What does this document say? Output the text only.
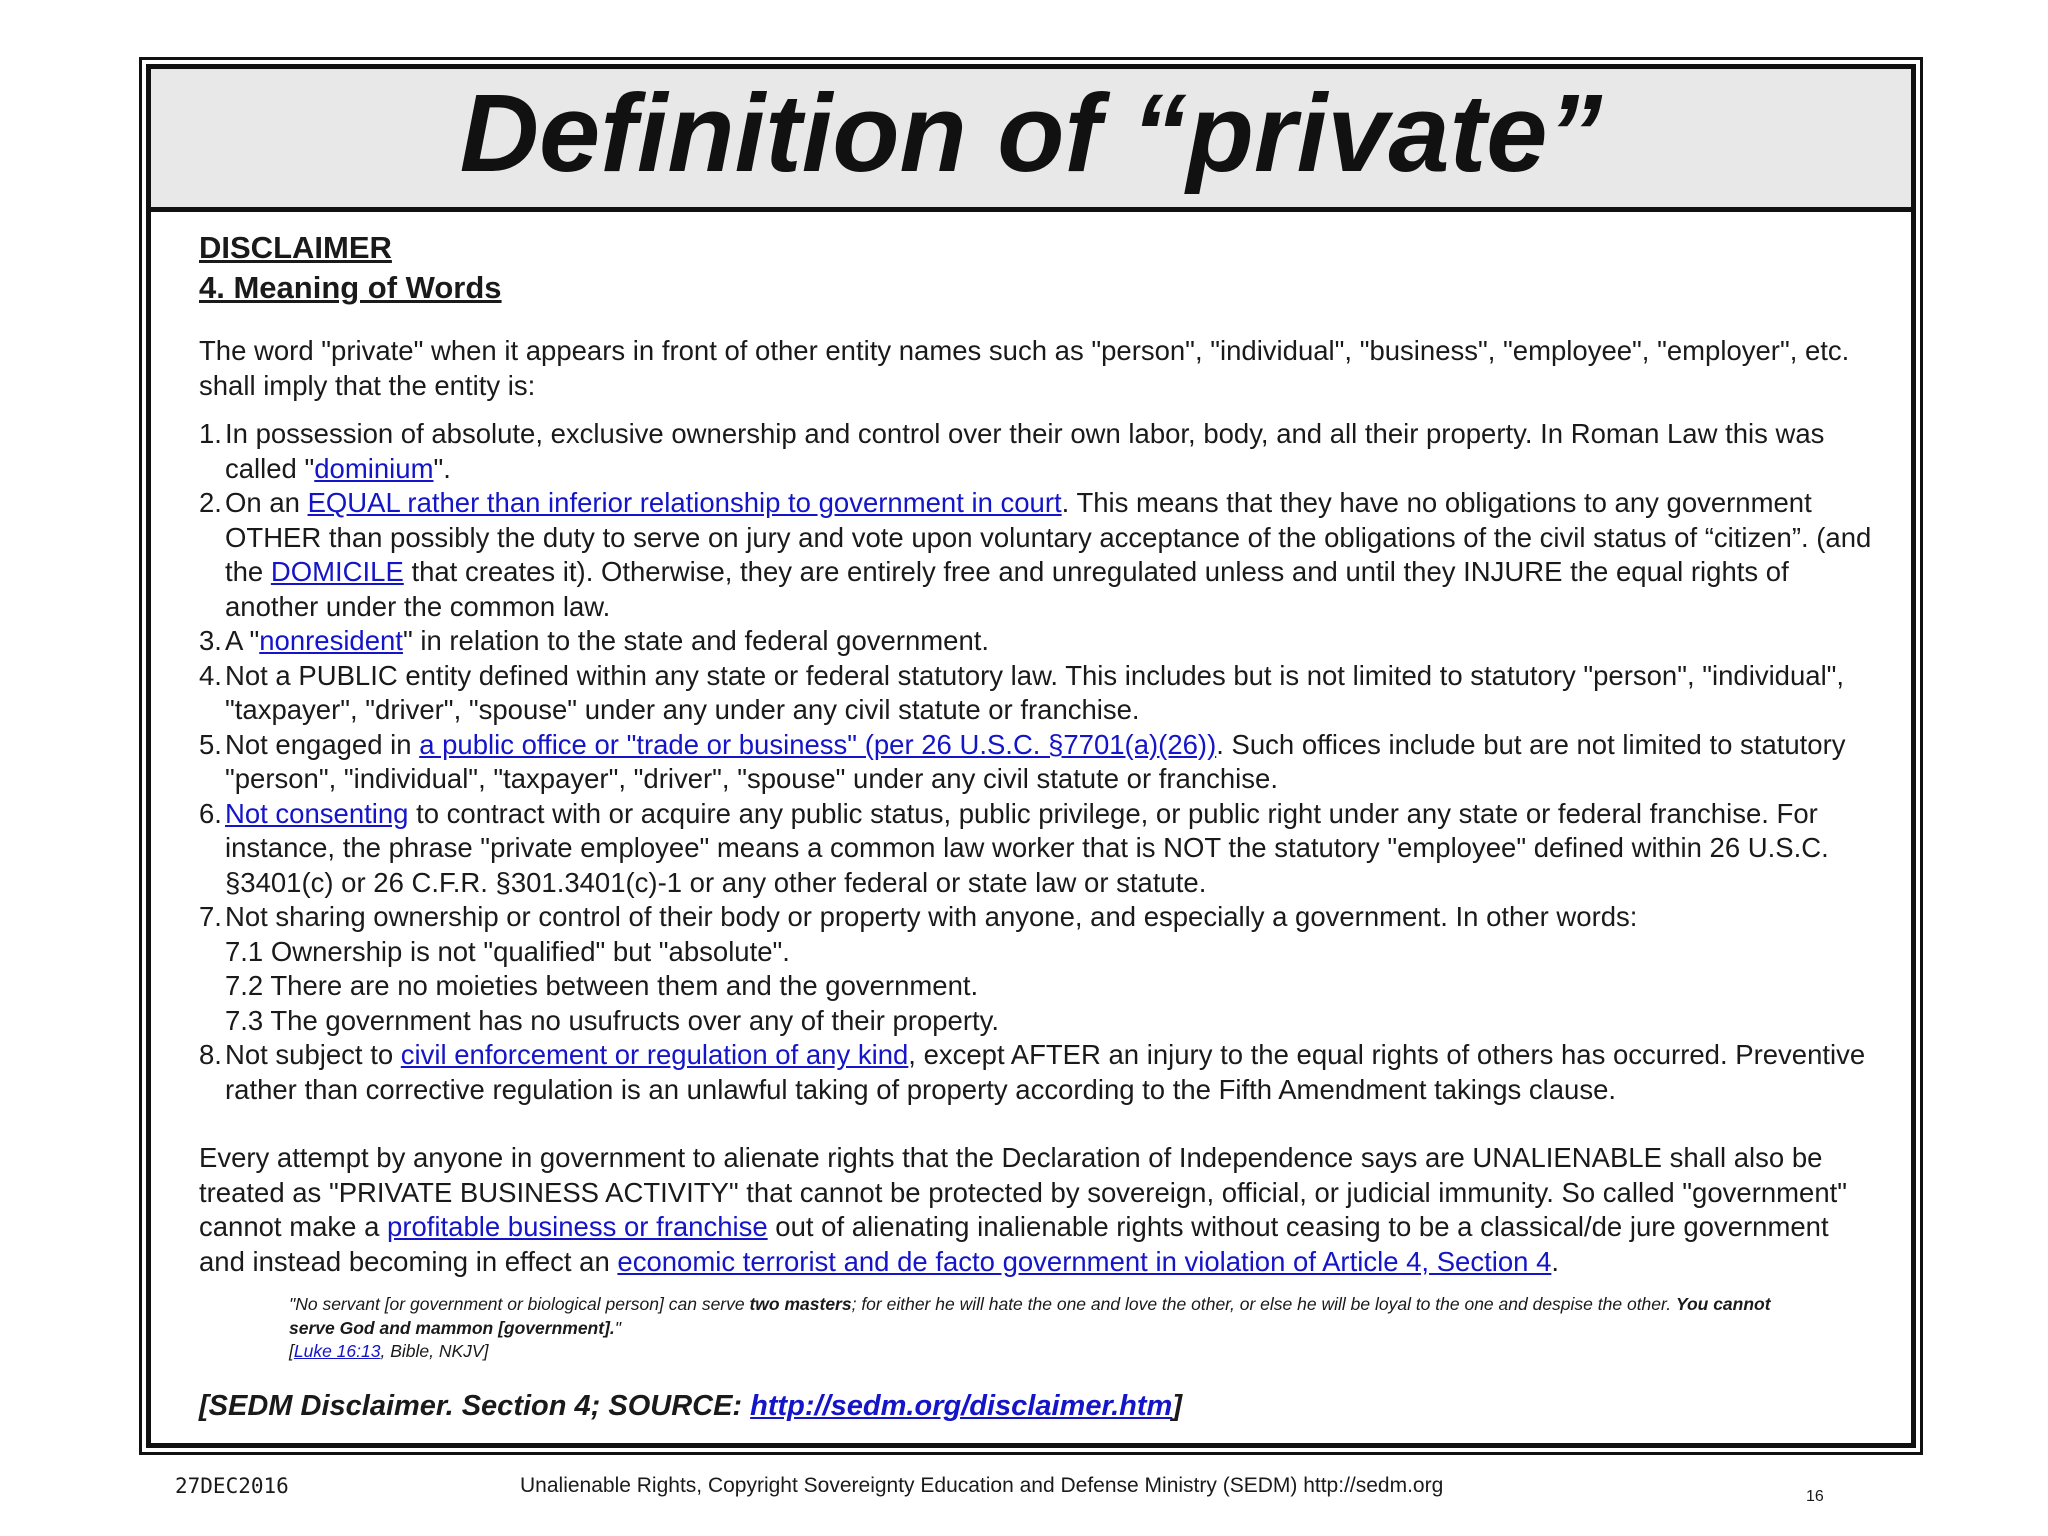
Definition of “private”

DISCLAIMER

4. Meaning of Words

The word "private" when it appears in front of other entity names such as "person", "individual", "business", "employee", "employer", etc. shall imply that the entity is:

1. In possession of absolute, exclusive ownership and control over their own labor, body, and all their property. In Roman Law this was called "dominium".
2. On an EQUAL rather than inferior relationship to government in court. This means that they have no obligations to any government OTHER than possibly the duty to serve on jury and vote upon voluntary acceptance of the obligations of the civil status of “citizen”. (and the DOMICILE that creates it). Otherwise, they are entirely free and unregulated unless and until they INJURE the equal rights of another under the common law.
3. A "nonresident" in relation to the state and federal government.
4. Not a PUBLIC entity defined within any state or federal statutory law. This includes but is not limited to statutory "person", "individual", "taxpayer", "driver", "spouse" under any under any civil statute or franchise.
5. Not engaged in a public office or "trade or business" (per 26 U.S.C. §7701(a)(26)). Such offices include but are not limited to statutory "person", "individual", "taxpayer", "driver", "spouse" under any civil statute or franchise.
6. Not consenting to contract with or acquire any public status, public privilege, or public right under any state or federal franchise. For instance, the phrase "private employee" means a common law worker that is NOT the statutory "employee" defined within 26 U.S.C. §3401(c) or 26 C.F.R. §301.3401(c)-1 or any other federal or state law or statute.
7. Not sharing ownership or control of their body or property with anyone, and especially a government. In other words:
7.1 Ownership is not "qualified" but "absolute".
7.2 There are no moieties between them and the government.
7.3 The government has no usufructs over any of their property.
8. Not subject to civil enforcement or regulation of any kind, except AFTER an injury to the equal rights of others has occurred. Preventive rather than corrective regulation is an unlawful taking of property according to the Fifth Amendment takings clause.

Every attempt by anyone in government to alienate rights that the Declaration of Independence says are UNALIENABLE shall also be treated as "PRIVATE BUSINESS ACTIVITY" that cannot be protected by sovereign, official, or judicial immunity. So called "government" cannot make a profitable business or franchise out of alienating inalienable rights without ceasing to be a classical/de jure government and instead becoming in effect an economic terrorist and de facto government in violation of Article 4, Section 4.

"No servant [or government or biological person] can serve two masters; for either he will hate the one and love the other, or else he will be loyal to the one and despise the other. You cannot serve God and mammon [government]."
[Luke 16:13, Bible, NKJV]

[SEDM Disclaimer. Section 4; SOURCE: http://sedm.org/disclaimer.htm]

27DEC2016	Unalienable Rights, Copyright Sovereignty Education and Defense Ministry (SEDM) http://sedm.org	16
